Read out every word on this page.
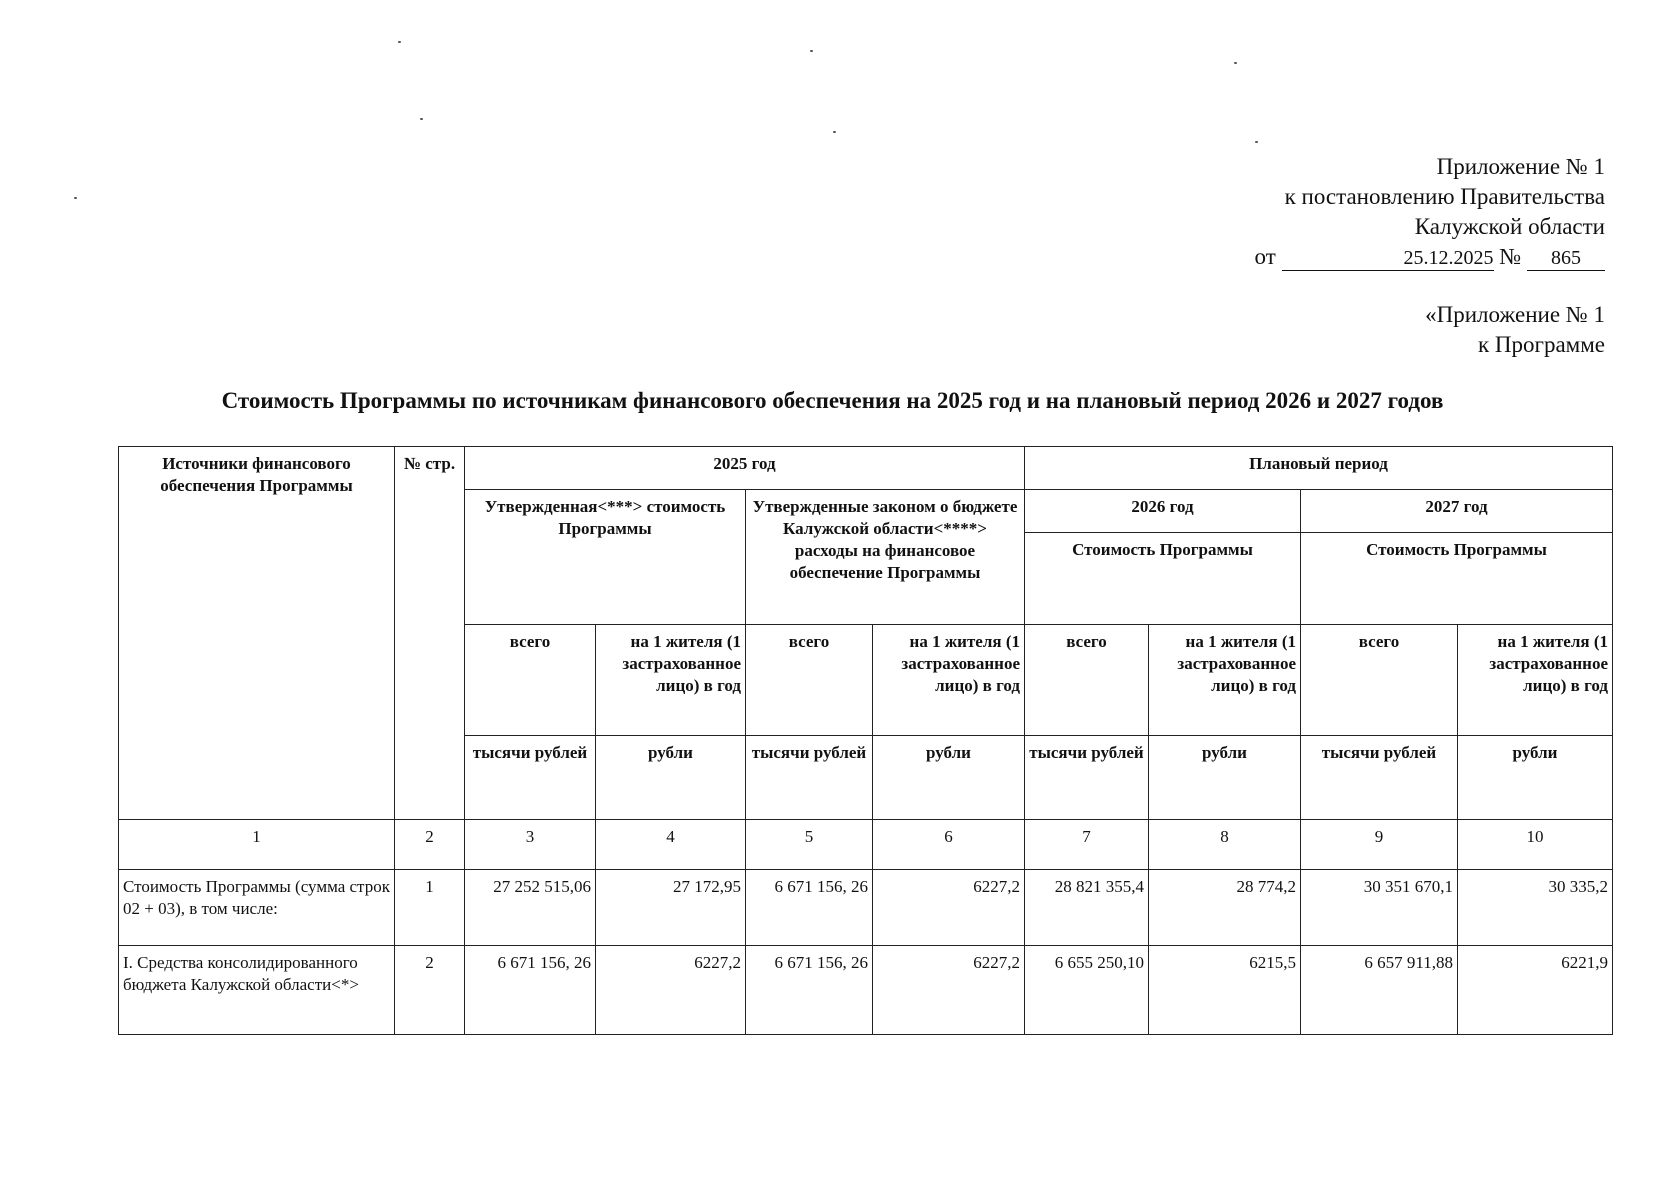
Приложение № 1
к постановлению Правительства
Калужской области
от	25.12.2025 № 865
«Приложение № 1
к Программе
Стоимость Программы по источникам финансового обеспечения на 2025 год и на плановый период 2026 и 2027 годов
Источники финансового обеспечения Программы	№ стр.	2025 год				Плановый период			
		Утвержденная<***> стоимость Программы		Утвержденные законом о бюджете Калужской области<****> расходы на финансовое обеспечение Программы		2026 год		2027 год	
						Стоимость Программы		Стоимость Программы	
		всего	на 1 жителя (1 застрахованное лицо) в год	всего	на 1 жителя (1 застрахованное лицо) в год	всего	на 1 жителя (1 застрахованное лицо) в год	всего	на 1 жителя (1 застрахованное лицо) в год
		тысячи рублей	рубли	тысячи рублей	рубли	тысячи рублей	рубли	тысячи рублей	рубли
1	2	3	4	5	6	7	8	9	10
Стоимость Программы (сумма строк 02 + 03), в том числе:	1	27 252 515,06	27 172,95	6 671 156, 26	6227,2	28 821 355,4	28 774,2	30 351 670,1	30 335,2
I. Средства консолидированного бюджета Калужской области<*>	2	6 671 156, 26	6227,2	6 671 156, 26	6227,2	6 655 250,10	6215,5	6 657 911,88	6221,9
